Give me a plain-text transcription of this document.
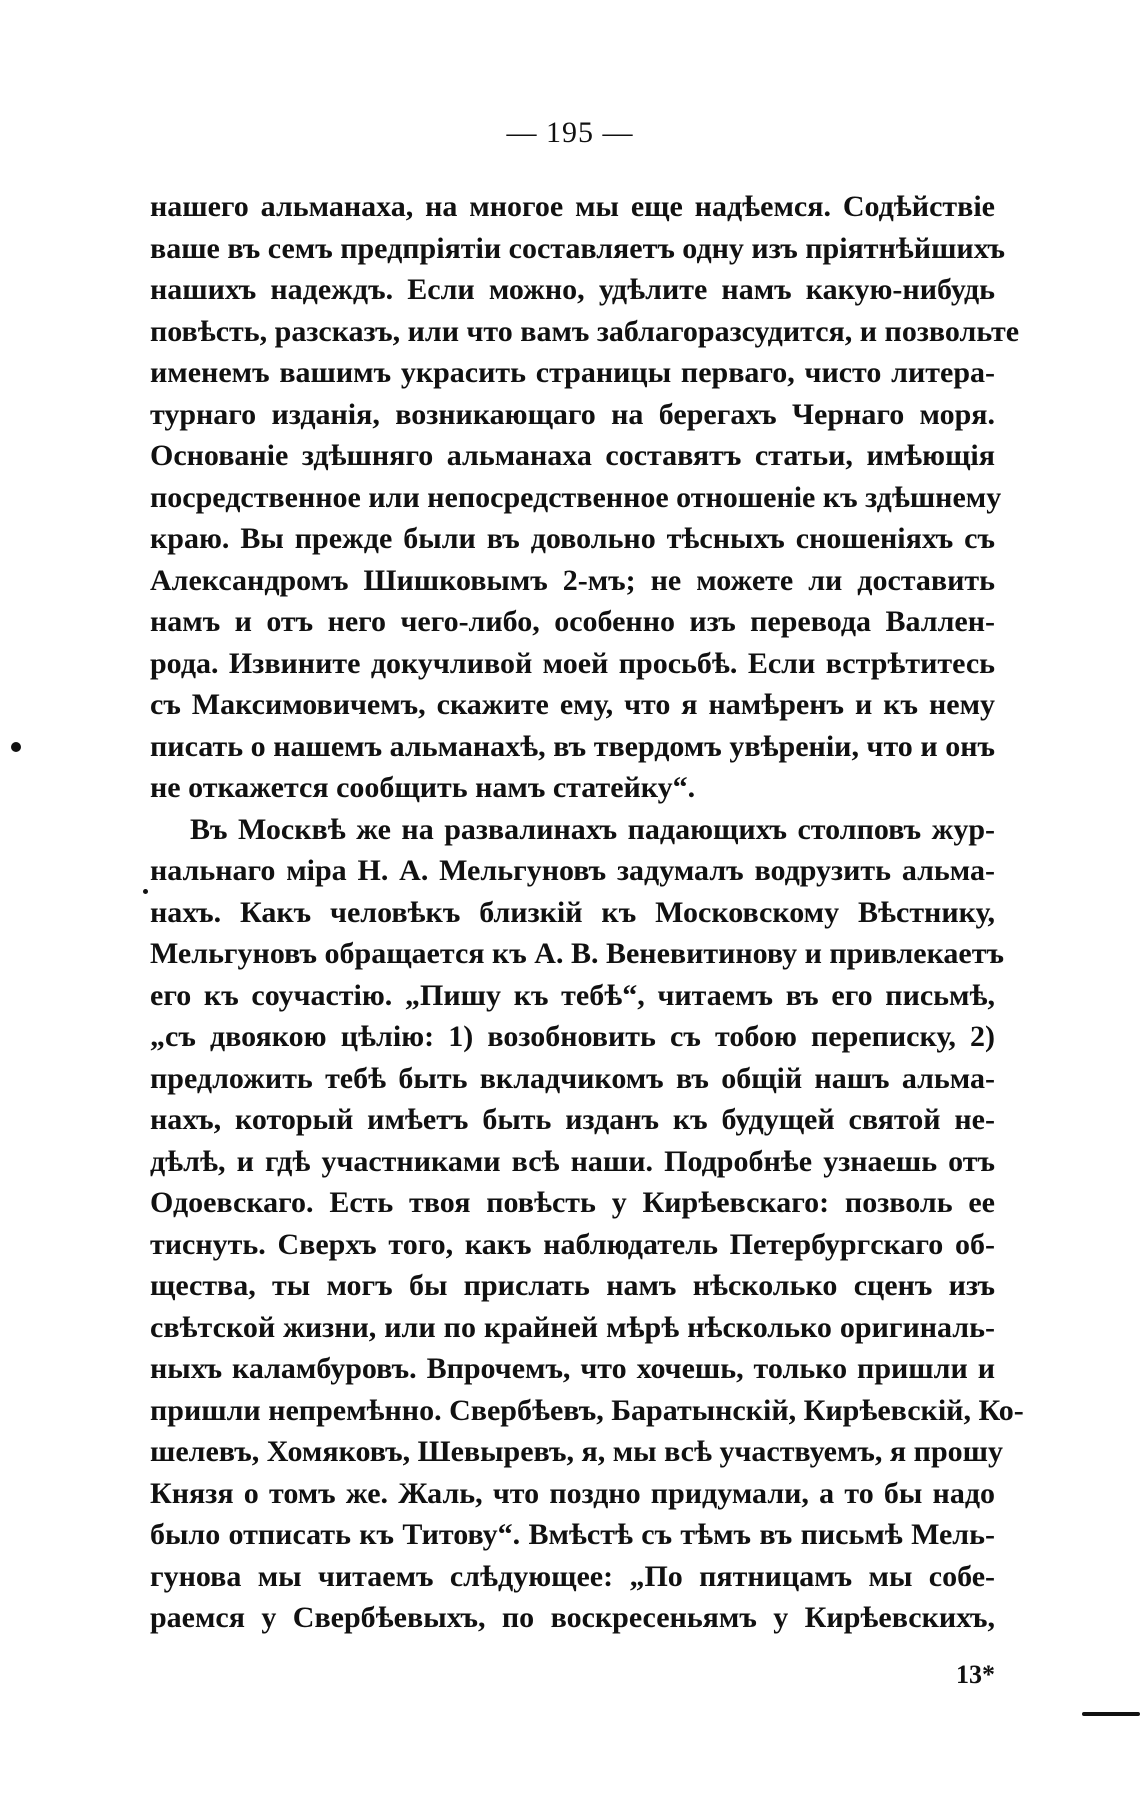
— 195 —
нашего альманаха, на многое мы еще надѣемся. Содѣйствіе
ваше въ семъ предпріятіи составляетъ одну изъ пріятнѣйшихъ
нашихъ надеждъ. Если можно, удѣлите намъ какую-нибудь
повѣсть, разсказъ, или что вамъ заблагоразсудится, и позвольте
именемъ вашимъ украсить страницы перваго, чисто литера-
турнаго изданія, возникающаго на берегахъ Чернаго моря.
Основаніе здѣшняго альманаха составятъ статьи, имѣющія
посредственное или непосредственное отношеніе къ здѣшнему
краю. Вы прежде были въ довольно тѣсныхъ сношеніяхъ съ
Александромъ Шишковымъ 2-мъ; не можете ли доставить
намъ и отъ него чего-либо, особенно изъ перевода Валлен-
рода. Извините докучливой моей просьбѣ. Если встрѣтитесь
съ Максимовичемъ, скажите ему, что я намѣренъ и къ нему
писать о нашемъ альманахѣ, въ твердомъ увѣреніи, что и онъ
не откажется сообщить намъ статейку“.
Въ Москвѣ же на развалинахъ падающихъ столповъ жур-
нальнаго міра Н. А. Мельгуновъ задумалъ водрузить альма-
нахъ. Какъ человѣкъ близкій къ Московскому Вѣстнику,
Мельгуновъ обращается къ А. В. Веневитинову и привлекаетъ
его къ соучастію. „Пишу къ тебѣ“, читаемъ въ его письмѣ,
„съ двоякою цѣлію: 1) возобновить съ тобою переписку, 2)
предложить тебѣ быть вкладчикомъ въ общій нашъ альма-
нахъ, который имѣетъ быть изданъ къ будущей святой не-
дѣлѣ, и гдѣ участниками всѣ наши. Подробнѣе узнаешь отъ
Одоевскаго. Есть твоя повѣсть у Кирѣевскаго: позволь ее
тиснуть. Сверхъ того, какъ наблюдатель Петербургскаго об-
щества, ты могъ бы прислать намъ нѣсколько сценъ изъ
свѣтской жизни, или по крайней мѣрѣ нѣсколько оригиналь-
ныхъ каламбуровъ. Впрочемъ, что хочешь, только пришли и
пришли непремѣнно. Свербѣевъ, Баратынскій, Кирѣевскій, Ко-
шелевъ, Хомяковъ, Шевыревъ, я, мы всѣ участвуемъ, я прошу
Князя о томъ же. Жаль, что поздно придумали, а то бы надо
было отписать къ Титову“. Вмѣстѣ съ тѣмъ въ письмѣ Мель-
гунова мы читаемъ слѣдующее: „По пятницамъ мы собе-
раемся у Свербѣевыхъ, по воскресеньямъ у Кирѣевскихъ,
13*
